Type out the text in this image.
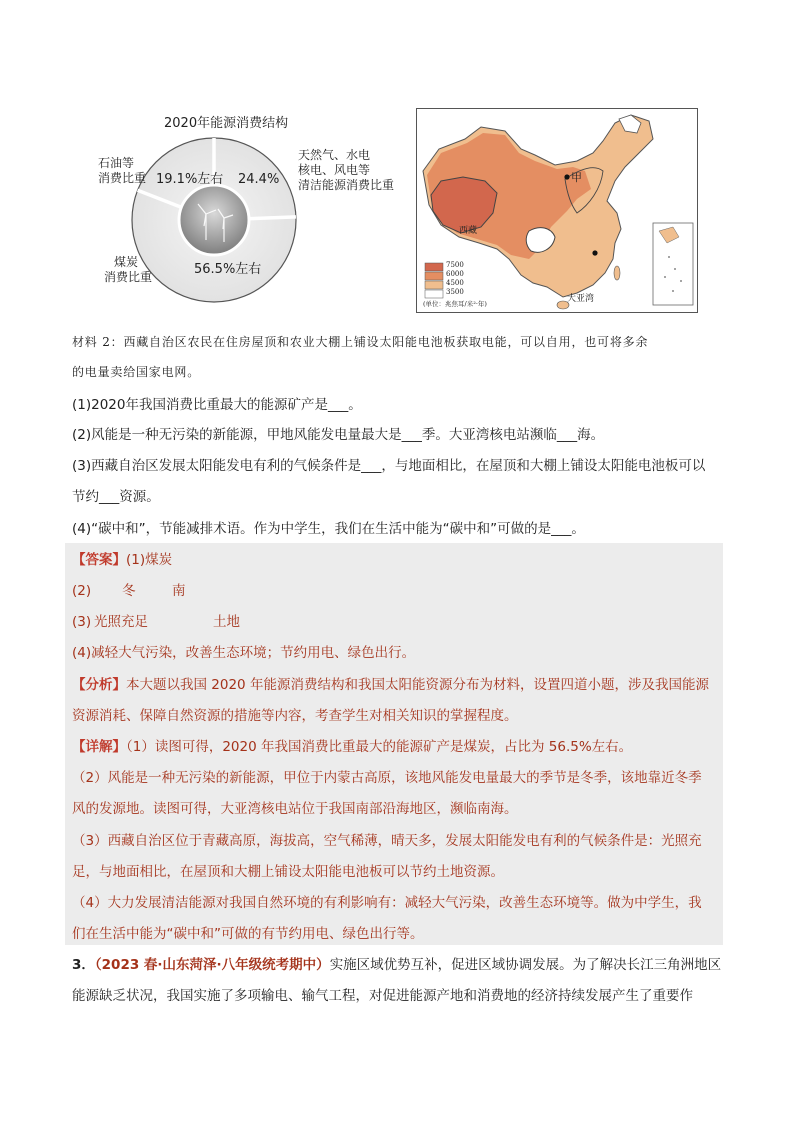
2020年能源消费结构
石油等
消费比重 19.1%左右 24.4%
天然气、水电
核电、风电等
清洁能源消费比重
56.5%左右
煤炭
消费比重
甲
西藏
大亚湾
7500
6000
4500
3500
(单位：兆焦耳/米²·年)
材料 2：西藏自治区农民在住房屋顶和农业大棚上铺设太阳能电池板获取电能，可以自用，也可将多余
的电量卖给国家电网。
(1)2020年我国消费比重最大的能源矿产是___。
(2)风能是一种无污染的新能源，甲地风能发电量最大是___季。大亚湾核电站濒临___海。
(3)西藏自治区发展太阳能发电有利的气候条件是___，与地面相比，在屋顶和大棚上铺设太阳能电池板可以
节约___资源。
(4)“碳中和”，节能减排术语。作为中学生，我们在生活中能为“碳中和”可做的是___。
【答案】(1)煤炭
(2) 冬	南
(3) 光照充足	土地
(4)减轻大气污染，改善生态环境；节约用电、绿色出行。
【分析】本大题以我国 2020 年能源消费结构和我国太阳能资源分布为材料，设置四道小题，涉及我国能源
资源消耗、保障自然资源的措施等内容，考查学生对相关知识的掌握程度。
【详解】（1）读图可得，2020 年我国消费比重最大的能源矿产是煤炭，占比为 56.5%左右。
（2）风能是一种无污染的新能源，甲位于内蒙古高原，该地风能发电量最大的季节是冬季，该地靠近冬季
风的发源地。读图可得，大亚湾核电站位于我国南部沿海地区，濒临南海。
（3）西藏自治区位于青藏高原，海拔高，空气稀薄，晴天多，发展太阳能发电有利的气候条件是：光照充
足，与地面相比，在屋顶和大棚上铺设太阳能电池板可以节约土地资源。
（4）大力发展清洁能源对我国自然环境的有利影响有：减轻大气污染，改善生态环境等。做为中学生，我
们在生活中能为“碳中和”可做的有节约用电、绿色出行等。
3．（2023 春·山东菏泽·八年级统考期中）实施区域优势互补，促进区域协调发展。为了解决长江三角洲地区
能源缺乏状况，我国实施了多项输电、输气工程，对促进能源产地和消费地的经济持续发展产生了重要作
